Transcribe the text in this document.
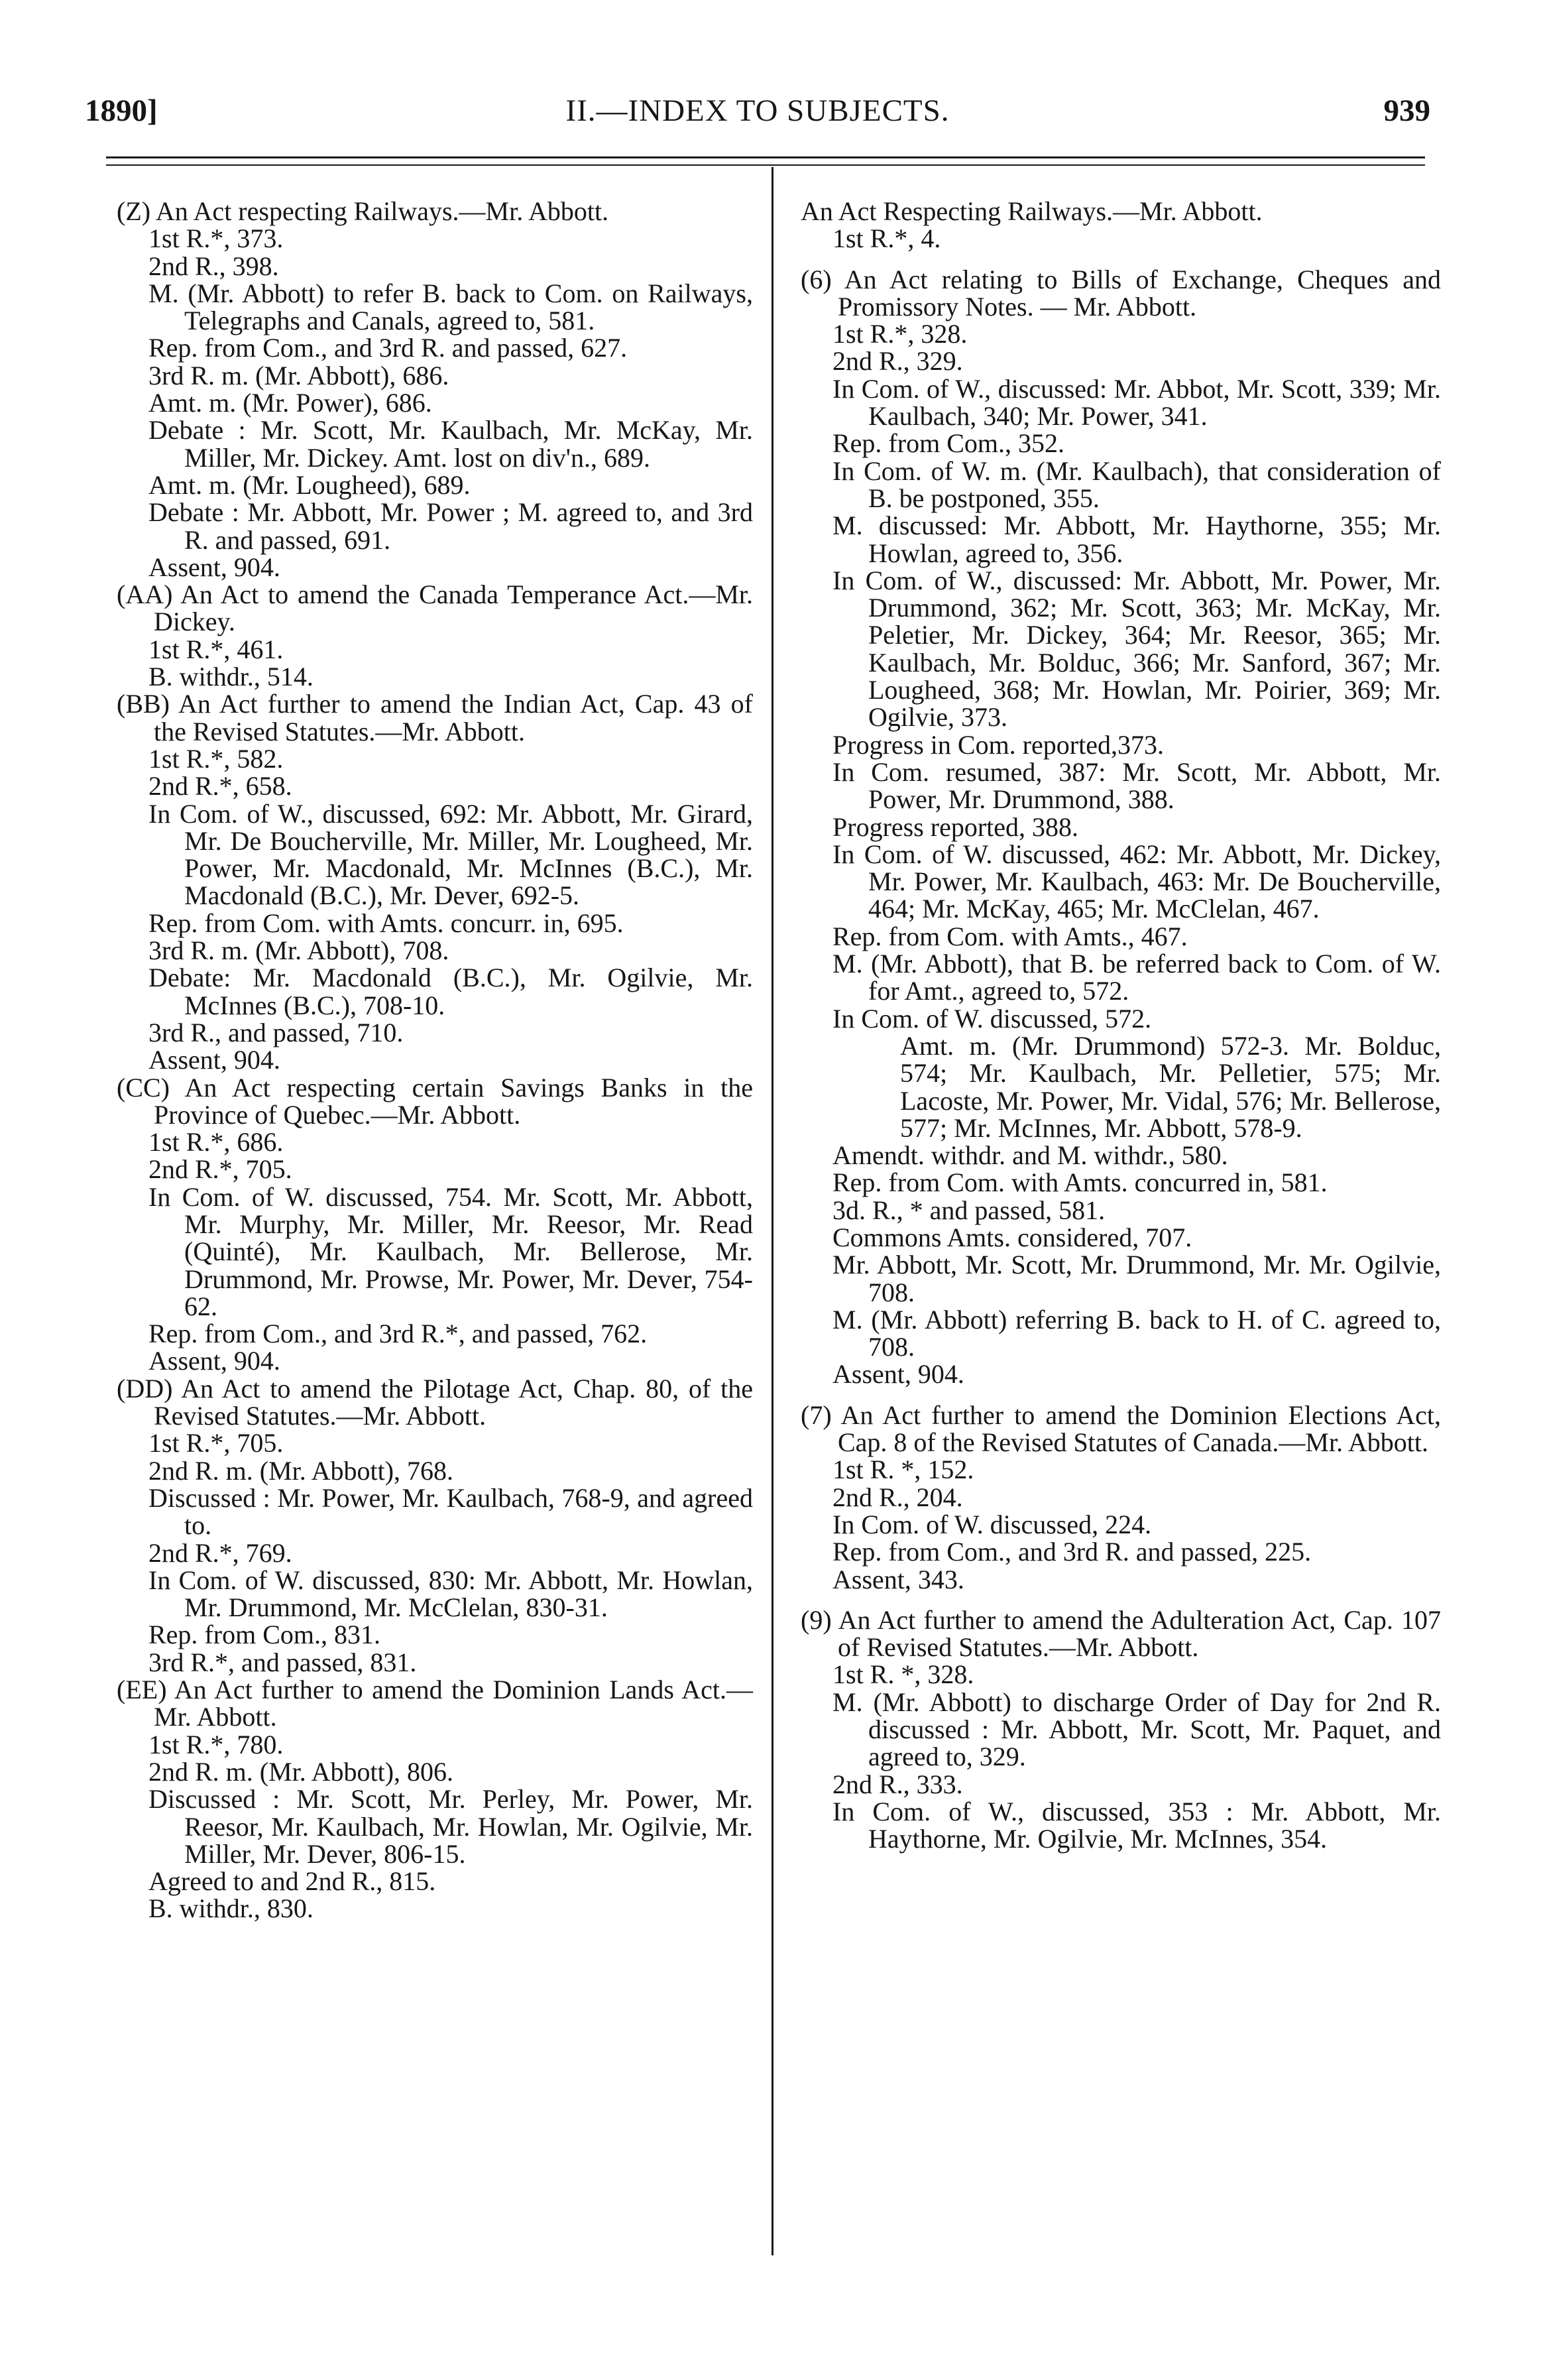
1890]	II.—INDEX TO SUBJECTS.	939
(Z) An Act respecting Railways.—Mr. Abbott.
1st R.*, 373.
2nd R., 398.
M. (Mr. Abbott) to refer B. back to Com. on Railways, Telegraphs and Canals, agreed to, 581.
Rep. from Com., and 3rd R. and passed, 627.
3rd R. m. (Mr. Abbott), 686.
Amt. m. (Mr. Power), 686.
Debate : Mr. Scott, Mr. Kaulbach, Mr. McKay, Mr. Miller, Mr. Dickey. Amt. lost on div'n., 689.
Amt. m. (Mr. Lougheed), 689.
Debate : Mr. Abbott, Mr. Power ; M. agreed to, and 3rd R. and passed, 691.
Assent, 904.
(AA) An Act to amend the Canada Temperance Act.—Mr. Dickey.
1st R.*, 461.
B. withdr., 514.
(BB) An Act further to amend the Indian Act, Cap. 43 of the Revised Statutes.—Mr. Abbott.
1st R.*, 582.
2nd R.*, 658.
In Com. of W., discussed, 692: Mr. Abbott, Mr. Girard, Mr. De Boucherville, Mr. Miller, Mr. Lougheed, Mr. Power, Mr. Macdonald, Mr. McInnes (B.C.), Mr. Macdonald (B.C.), Mr. Dever, 692-5.
Rep. from Com. with Amts. concurr. in, 695.
3rd R. m. (Mr. Abbott), 708.
Debate: Mr. Macdonald (B.C.), Mr. Ogilvie, Mr. McInnes (B.C.), 708-10.
3rd R., and passed, 710.
Assent, 904.
(CC) An Act respecting certain Savings Banks in the Province of Quebec.—Mr. Abbott.
1st R.*, 686.
2nd R.*, 705.
In Com. of W. discussed, 754. Mr. Scott, Mr. Abbott, Mr. Murphy, Mr. Miller, Mr. Reesor, Mr. Read (Quinté), Mr. Kaulbach, Mr. Bellerose, Mr. Drummond, Mr. Prowse, Mr. Power, Mr. Dever, 754-62.
Rep. from Com., and 3rd R.*, and passed, 762.
Assent, 904.
(DD) An Act to amend the Pilotage Act, Chap. 80, of the Revised Statutes.—Mr. Abbott.
1st R.*, 705.
2nd R. m. (Mr. Abbott), 768.
Discussed : Mr. Power, Mr. Kaulbach, 768-9, and agreed to.
2nd R.*, 769.
In Com. of W. discussed, 830: Mr. Abbott, Mr. Howlan, Mr. Drummond, Mr. McClelan, 830-31.
Rep. from Com., 831.
3rd R.*, and passed, 831.
(EE) An Act further to amend the Dominion Lands Act.—Mr. Abbott.
1st R.*, 780.
2nd R. m. (Mr. Abbott), 806.
Discussed : Mr. Scott, Mr. Perley, Mr. Power, Mr. Reesor, Mr. Kaulbach, Mr. Howlan, Mr. Ogilvie, Mr. Miller, Mr. Dever, 806-15.
Agreed to and 2nd R., 815.
B. withdr., 830.
An Act Respecting Railways.—Mr. Abbott.
1st R.*, 4.
(6) An Act relating to Bills of Exchange, Cheques and Promissory Notes. — Mr. Abbott.
1st R.*, 328.
2nd R., 329.
In Com. of W., discussed: Mr. Abbot, Mr. Scott, 339; Mr. Kaulbach, 340; Mr. Power, 341.
Rep. from Com., 352.
In Com. of W. m. (Mr. Kaulbach), that consideration of B. be postponed, 355.
M. discussed: Mr. Abbott, Mr. Haythorne, 355; Mr. Howlan, agreed to, 356.
In Com. of W., discussed: Mr. Abbott, Mr. Power, Mr. Drummond, 362; Mr. Scott, 363; Mr. McKay, Mr. Peletier, Mr. Dickey, 364; Mr. Reesor, 365; Mr. Kaulbach, Mr. Bolduc, 366; Mr. Sanford, 367; Mr. Lougheed, 368; Mr. Howlan, Mr. Poirier, 369; Mr. Ogilvie, 373.
Progress in Com. reported,373.
In Com. resumed, 387: Mr. Scott, Mr. Abbott, Mr. Power, Mr. Drummond, 388.
Progress reported, 388.
In Com. of W. discussed, 462: Mr. Abbott, Mr. Dickey, Mr. Power, Mr. Kaulbach, 463: Mr. De Boucherville, 464; Mr. McKay, 465; Mr. McClelan, 467.
Rep. from Com. with Amts., 467.
M. (Mr. Abbott), that B. be referred back to Com. of W. for Amt., agreed to, 572.
In Com. of W. discussed, 572.
Amt. m. (Mr. Drummond) 572-3. Mr. Bolduc, 574; Mr. Kaulbach, Mr. Pelletier, 575; Mr. Lacoste, Mr. Power, Mr. Vidal, 576; Mr. Bellerose, 577; Mr. McInnes, Mr. Abbott, 578-9.
Amendt. withdr. and M. withdr., 580.
Rep. from Com. with Amts. concurred in, 581.
3d. R., * and passed, 581.
Commons Amts. considered, 707.
Mr. Abbott, Mr. Scott, Mr. Drummond, Mr. Mr. Ogilvie, 708.
M. (Mr. Abbott) referring B. back to H. of C. agreed to, 708.
Assent, 904.
(7) An Act further to amend the Dominion Elections Act, Cap. 8 of the Revised Statutes of Canada.—Mr. Abbott.
1st R. *, 152.
2nd R., 204.
In Com. of W. discussed, 224.
Rep. from Com., and 3rd R. and passed, 225.
Assent, 343.
(9) An Act further to amend the Adulteration Act, Cap. 107 of Revised Statutes.—Mr. Abbott.
1st R. *, 328.
M. (Mr. Abbott) to discharge Order of Day for 2nd R. discussed : Mr. Abbott, Mr. Scott, Mr. Paquet, and agreed to, 329.
2nd R., 333.
In Com. of W., discussed, 353 : Mr. Abbott, Mr. Haythorne, Mr. Ogilvie, Mr. McInnes, 354.
